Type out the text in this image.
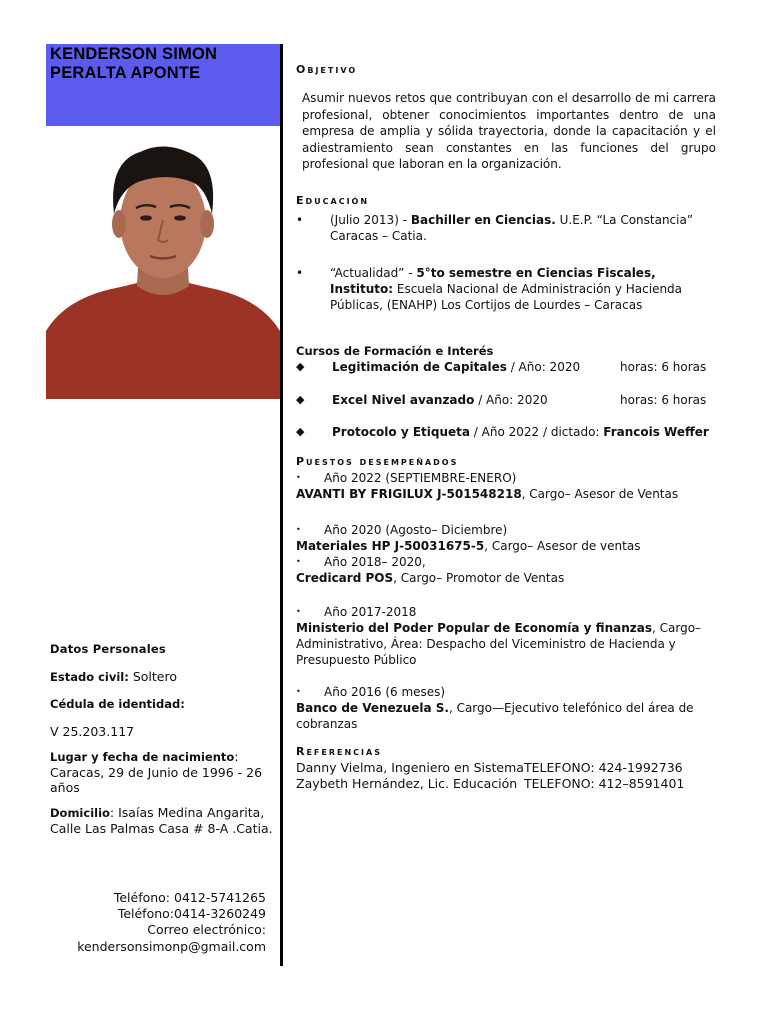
KENDERSON SIMON
PERALTA APONTE
Datos Personales
Estado civil: Soltero
Cédula de identidad:
V 25.203.117
Lugar y fecha de nacimiento:
Caracas, 29 de Junio de 1996 - 26 años
Domicilio: Isaías Medina Angarita, Calle Las Palmas Casa # 8-A .Catia.
Teléfono: 0412-5741265
Teléfono:0414-3260249
Correo electrónico:
kendersonsimonp@gmail.com
Objetivo
Asumir nuevos retos que contribuyan con el desarrollo de mi carrera profesional, obtener conocimientos importantes dentro de una empresa de amplia y sólida trayectoria, donde la capacitación y el adiestramiento sean constantes en las funciones del grupo profesional que laboran en la organización.
Educación
• (Julio 2013) - Bachiller en Ciencias. U.E.P. “La Constancia” Caracas – Catia.
• “Actualidad” - 5°to semestre en Ciencias Fiscales, Instituto: Escuela Nacional de Administración y Hacienda Públicas, (ENAHP) Los Cortijos de Lourdes – Caracas
Cursos de Formación e Interés
◆ Legitimación de Capitales / Año: 2020	horas: 6 horas
◆ Excel Nivel avanzado / Año: 2020	horas: 6 horas
◆ Protocolo y Etiqueta / Año 2022 / dictado: Francois Weffer
Puestos desempeñados
• Año 2022 (SEPTIEMBRE-ENERO)
AVANTI BY FRIGILUX J-501548218, Cargo– Asesor de Ventas
• Año 2020 (Agosto– Diciembre)
Materiales HP J-50031675-5, Cargo– Asesor de ventas
• Año 2018– 2020,
Credicard POS, Cargo– Promotor de Ventas
• Año 2017-2018
Ministerio del Poder Popular de Economía y finanzas, Cargo– Administrativo, Área: Despacho del Viceministro de Hacienda y Presupuesto Público
• Año 2016 (6 meses)
Banco de Venezuela S., Cargo—Ejecutivo telefónico del área de cobranzas
Referencias
Danny Vielma, Ingeniero en Sistema TELEFONO: 424-1992736
Zaybeth Hernández, Lic. Educación TELEFONO: 412–8591401
